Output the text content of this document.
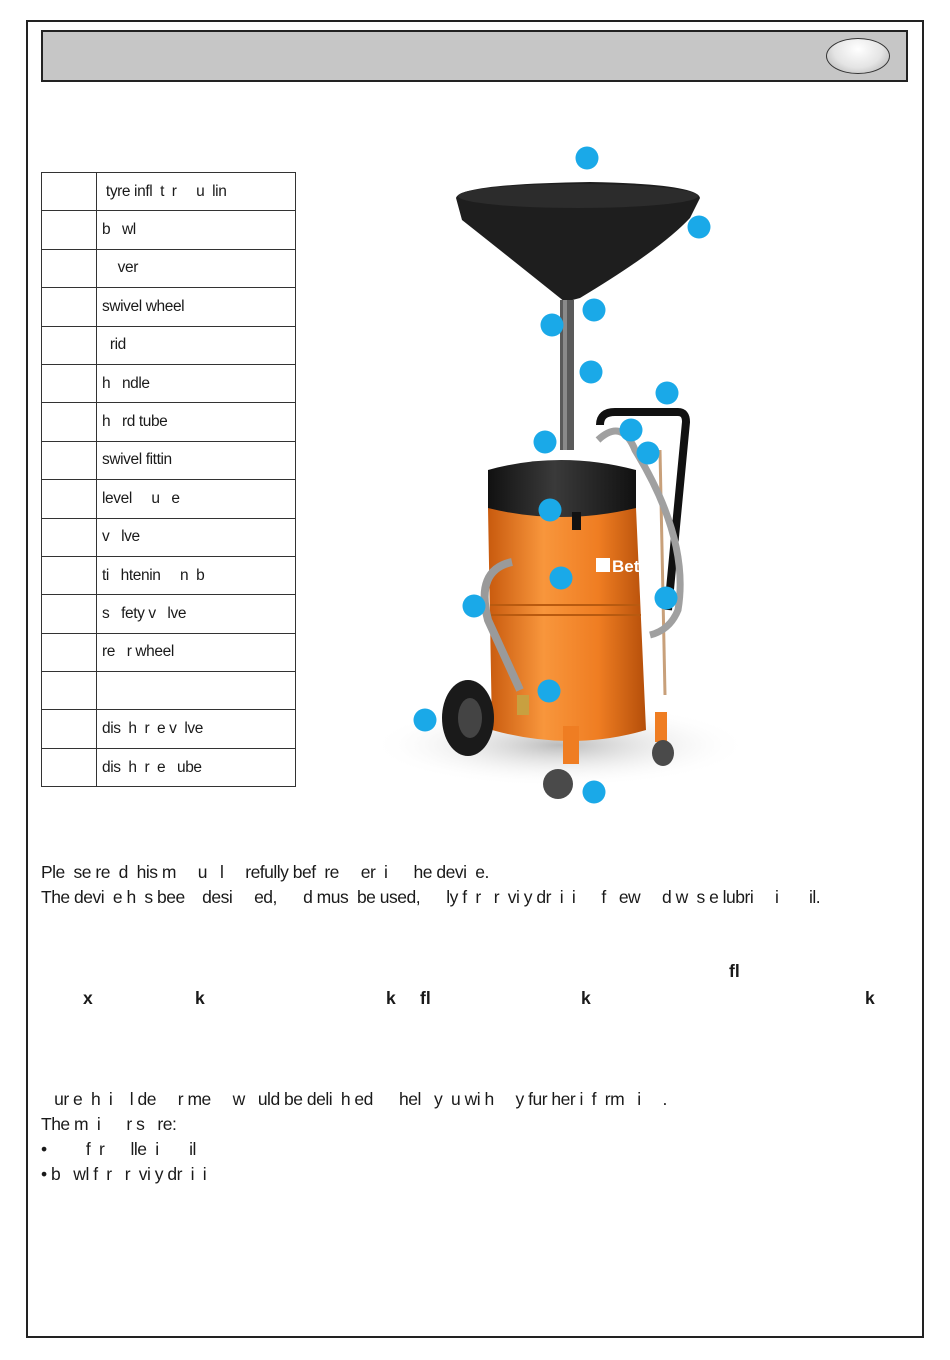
	tyre infl  t  r     u  lin
	b   wl
	ver
	swivel wheel
	rid
	h   ndle
	h   rd tube
	swivel fittin
	level     u   e
	v   lve
	ti   htenin     n  b
	s   fety v   lve
	re   r wheel

	dis  h  r  e v  lve
	dis  h  r  e   ube
Beta
1877
Ple  se re  d  his m     u   l     refully bef  re     er  i      he devi  e.
The devi  e h  s bee    desi     ed,      d mus  be used,      ly f  r   r  vi y dr  i  i      f   ew     d w  s e lubri     i       il.
fl
x	k	k fl	k	k
ur e  h  i    l de     r me     w   uld be deli  h ed      hel   y  u wi h     y fur her i  f  rm   i     .
The m  i      r s   re:
•         f  r      lle  i       il
• b   wl f  r   r  vi y dr  i  i
